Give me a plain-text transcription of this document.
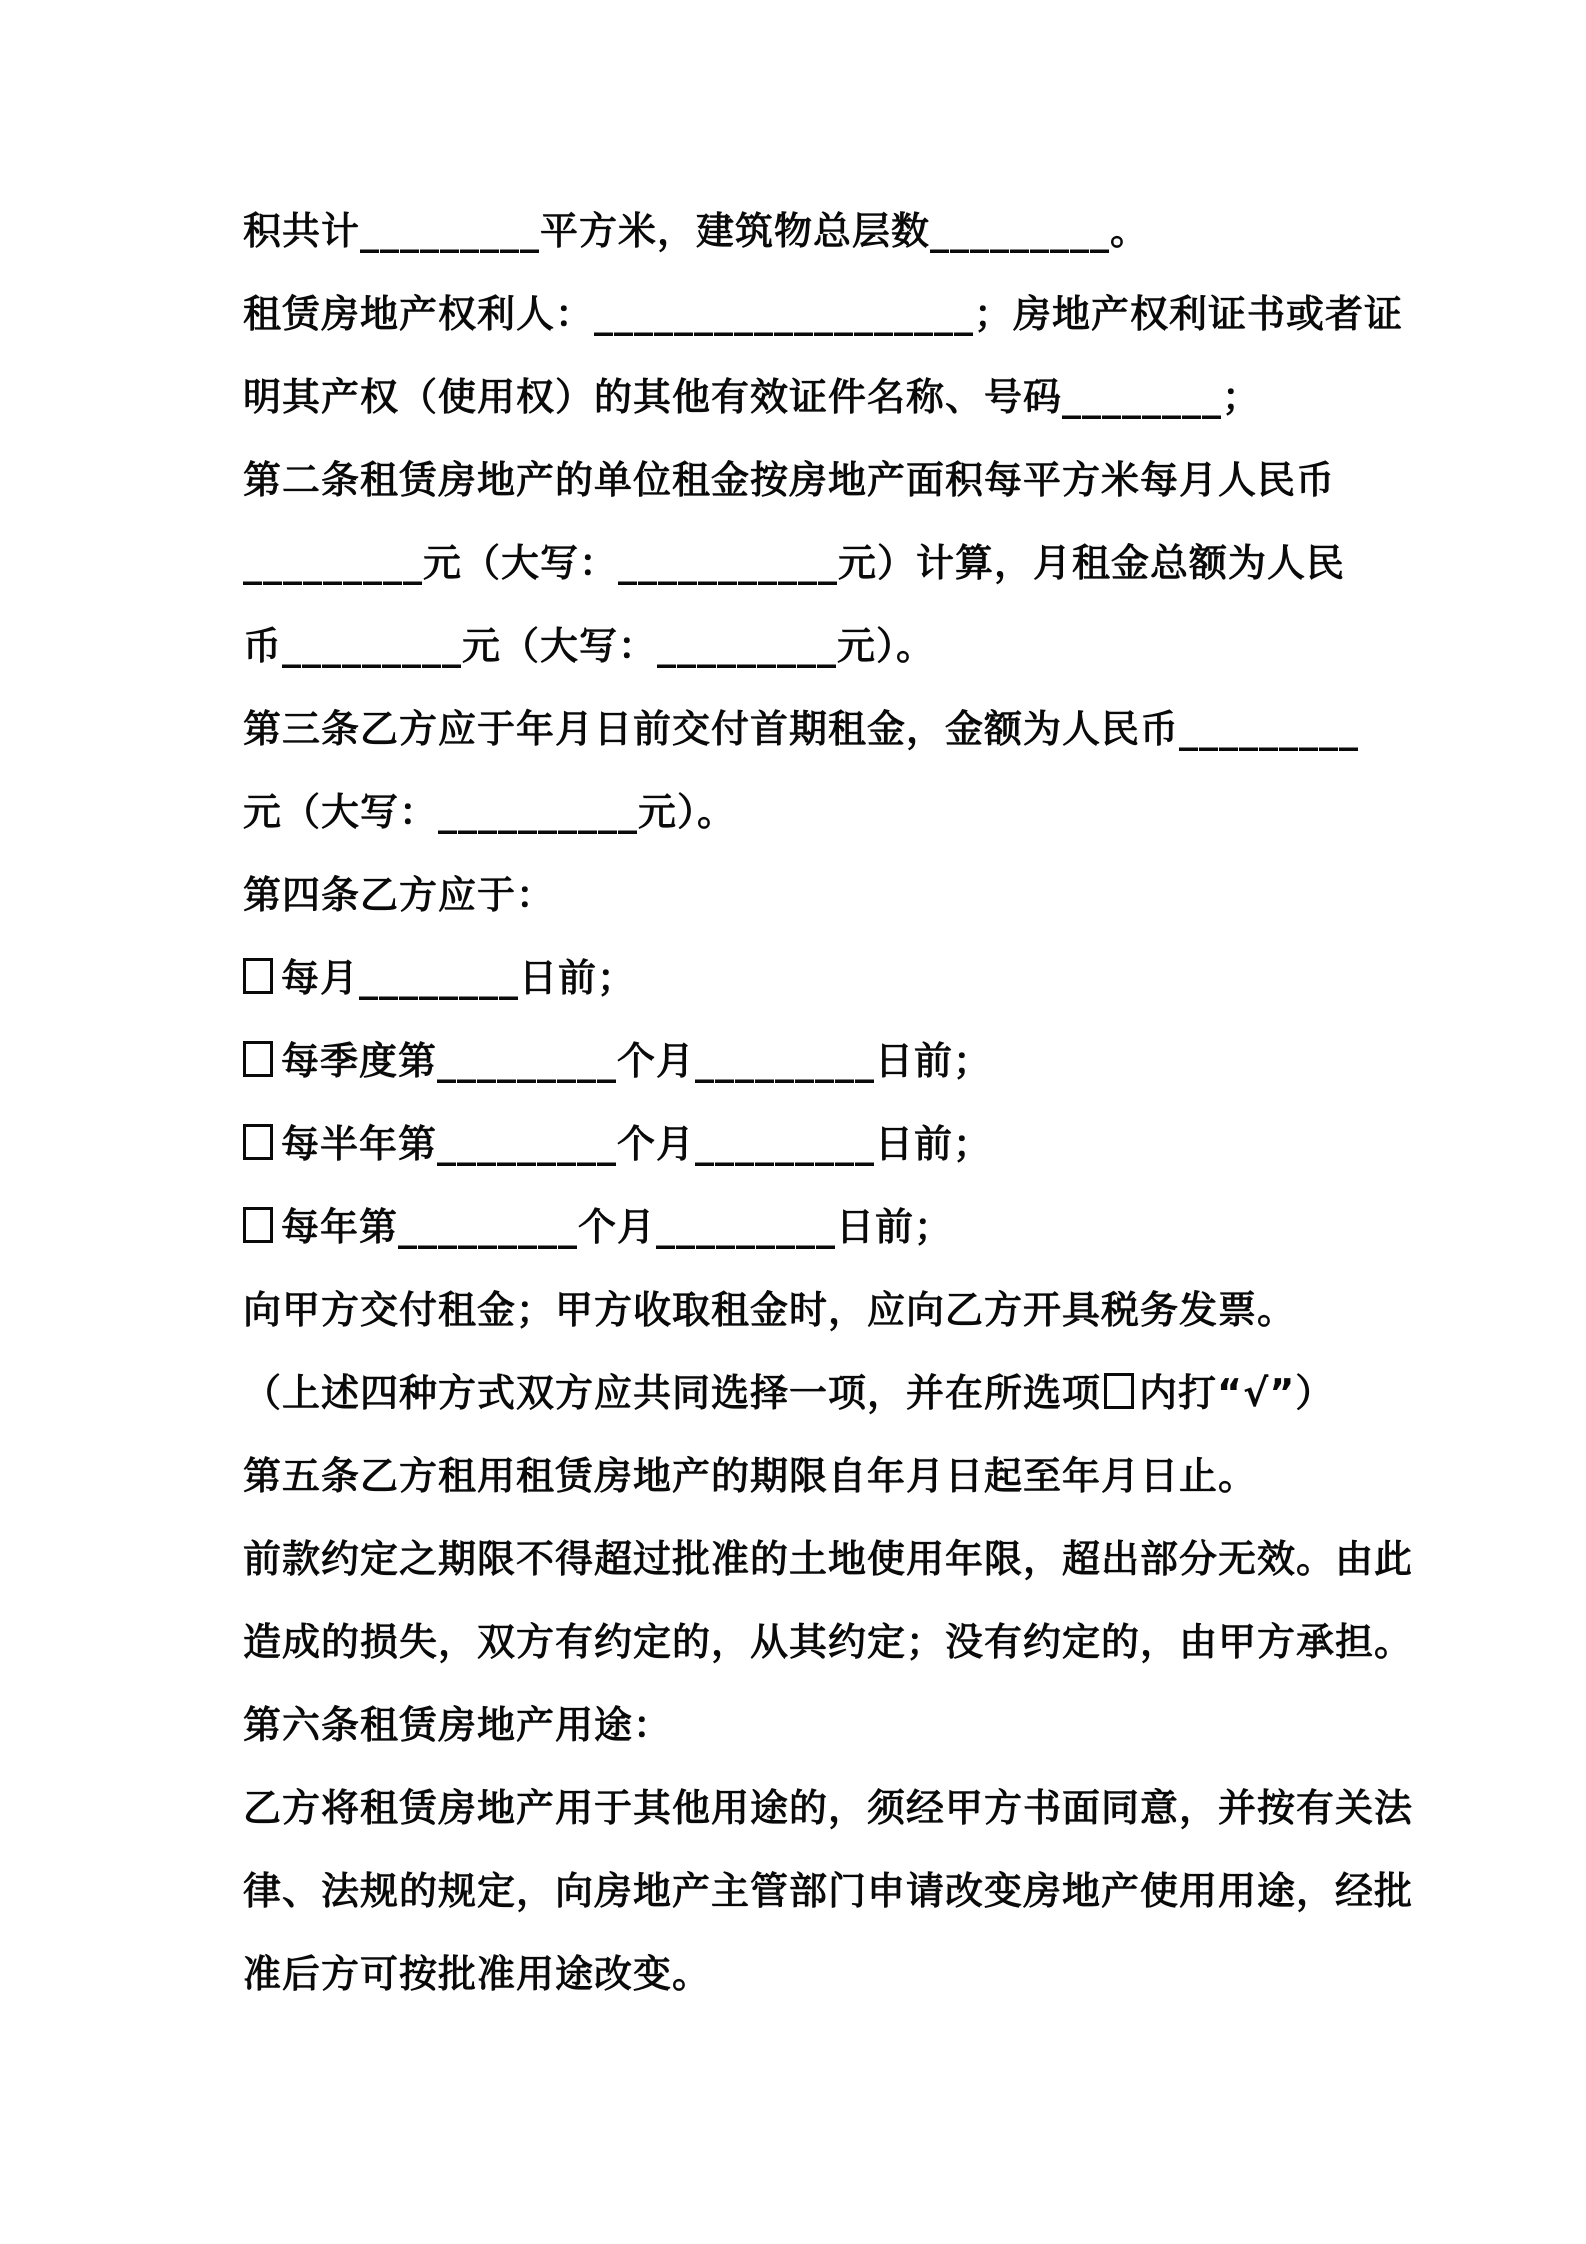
积共计_________平方米，建筑物总层数_________。
租赁房地产权利人：___________________；房地产权利证书或者证
明其产权（使用权）的其他有效证件名称、号码________；
第二条租赁房地产的单位租金按房地产面积每平方米每月人民币
_________元（大写：___________元）计算，月租金总额为人民
币_________元（大写：_________元）。
第三条乙方应于年月日前交付首期租金，金额为人民币_________
元（大写：__________元）。
第四条乙方应于：
每月________日前；
每季度第_________个月_________日前；
每半年第_________个月_________日前；
每年第_________个月_________日前；
向甲方交付租金；甲方收取租金时，应向乙方开具税务发票。
（上述四种方式双方应共同选择一项，并在所选项 内打“√”）
第五条乙方租用租赁房地产的期限自年月日起至年月日止。
前款约定之期限不得超过批准的土地使用年限，超出部分无效。由此
造成的损失，双方有约定的，从其约定；没有约定的，由甲方承担。
第六条租赁房地产用途：
乙方将租赁房地产用于其他用途的，须经甲方书面同意，并按有关法
律、法规的规定，向房地产主管部门申请改变房地产使用用途，经批
准后方可按批准用途改变。
